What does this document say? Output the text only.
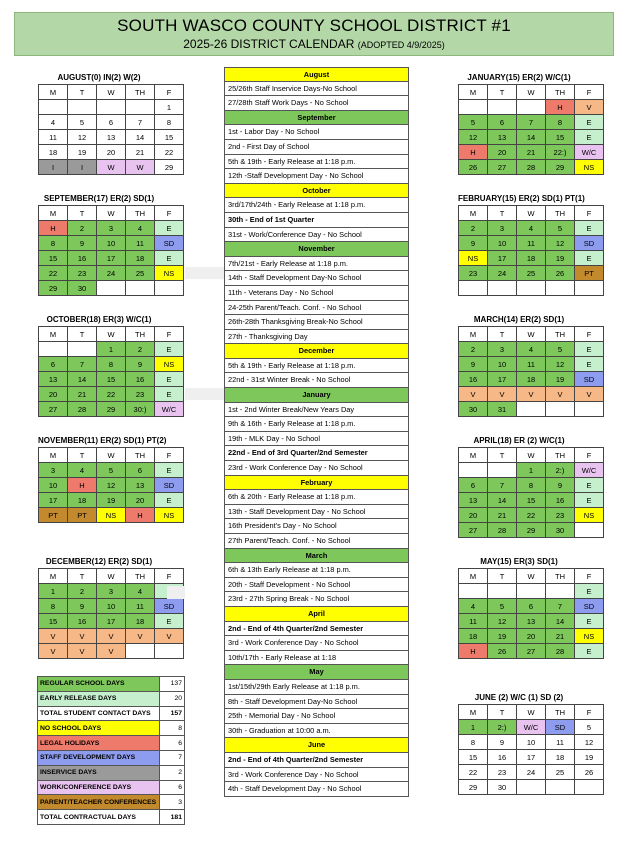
SOUTH WASCO COUNTY SCHOOL DISTRICT #1
2025-26 DISTRICT CALENDAR (ADOPTED 4/9/2025)
AUGUST(0) IN(2) W(2)
M	T	W	TH	F
				1
4	5	6	7	8
11	12	13	14	15
18	19	20	21	22
I	I	W	W	29
SEPTEMBER(17) ER(2) SD(1)
M	T	W	TH	F
H	2	3	4	E
8	9	10	11	SD
15	16	17	18	E
22	23	24	25	NS
29	30			
OCTOBER(18) ER(3) W/C(1)
M	T	W	TH	F
		1	2	E
6	7	8	9	NS
13	14	15	16	E
20	21	22	23	E
27	28	29	30:)	W/C
NOVEMBER(11) ER(2) SD(1) PT(2)
M	T	W	TH	F
3	4	5	6	E
10	H	12	13	SD
17	18	19	20	E
PT	PT	NS	H	NS
DECEMBER(12) ER(2) SD(1)
M	T	W	TH	F
1	2	3	4	
8	9	10	11	SD
15	16	17	18	E
V	V	V	V	V
V	V	V		
JANUARY(15) ER(2) W/C(1)
M	T	W	TH	F
			H	V
5	6	7	8	E
12	13	14	15	E
H	20	21	22:)	W/C
26	27	28	29	NS
FEBRUARY(15) ER(2) SD(1) PT(1)
M	T	W	TH	F
2	3	4	5	E
9	10	11	12	SD
NS	17	18	19	E
23	24	25	26	PT

MARCH(14) ER(2) SD(1)
M	T	W	TH	F
2	3	4	5	E
9	10	11	12	E
16	17	18	19	SD
V	V	V	V	V
30	31			
APRIL(18) ER (2) W/C(1)
M	T	W	TH	F
		1	2:)	W/C
6	7	8	9	E
13	14	15	16	E
20	21	22	23	NS
27	28	29	30	
MAY(15) ER(3) SD(1)
M	T	W	TH	F
				E
4	5	6	7	SD
11	12	13	14	E
18	19	20	21	NS
H	26	27	28	E
JUNE (2) W/C (1) SD (2)
M	T	W	TH	F
1	2:)	W/C	SD	5
8	9	10	11	12
15	16	17	18	19
22	23	24	25	26
29	30			
August
25/26th Staff Inservice Days-No School
27/28th Staff Work Days - No School
September
1st - Labor Day - No School
2nd - First Day of School
5th & 19th - Early Release at 1:18 p.m.
12th -Staff Development Day - No School
October
3rd/17th/24th - Early Release at 1:18 p.m.
30th - End of 1st Quarter
31st - Work/Conference Day - No School
November
7th/21st - Early Release at 1:18 p.m.
14th - Staff Development Day-No School
11th - Veterans Day - No School
24-25th Parent/Teach. Conf. - No School
26th-28th Thanksgiving Break-No School
27th - Thanksgiving Day
December
5th & 19th - Early Release at 1:18 p.m.
22nd - 31st Winter Break - No School
January
1st - 2nd Winter Break/New Years Day
9th & 16th - Early Release at 1:18 p.m.
19th - MLK Day - No School
22nd - End of 3rd Quarter/2nd Semester
23rd - Work Conference Day - No School
February
6th & 20th - Early Release at 1:18 p.m.
13th - Staff Development Day - No School
16th President's Day - No School
27th Parent/Teach. Conf. - No School
March
6th & 13th Early Release at 1:18 p.m.
20th - Staff Development - No School
23rd - 27th Spring Break - No School
April
2nd - End of 4th Quarter/2nd Semester
3rd - Work Conference Day - No School
10th/17th - Early Release at 1:18
May
1st/15th/29th Early Release at 1:18 p.m.
8th - Staff Development Day-No School
25th - Memorial Day - No School
30th - Graduation at 10:00 a.m.
June
2nd - End of 4th Quarter/2nd Semester
3rd - Work Conference Day - No School
4th - Staff Development Day - No School
REGULAR SCHOOL DAYS	137
EARLY RELEASE DAYS	20
TOTAL STUDENT CONTACT DAYS	157
NO SCHOOL DAYS	8
LEGAL HOLIDAYS	6
STAFF DEVELOPMENT DAYS	7
INSERVICE DAYS	2
WORK/CONFERENCE DAYS	6
PARENT/TEACHER CONFERENCES	3
TOTAL CONTRACTUAL DAYS	181
